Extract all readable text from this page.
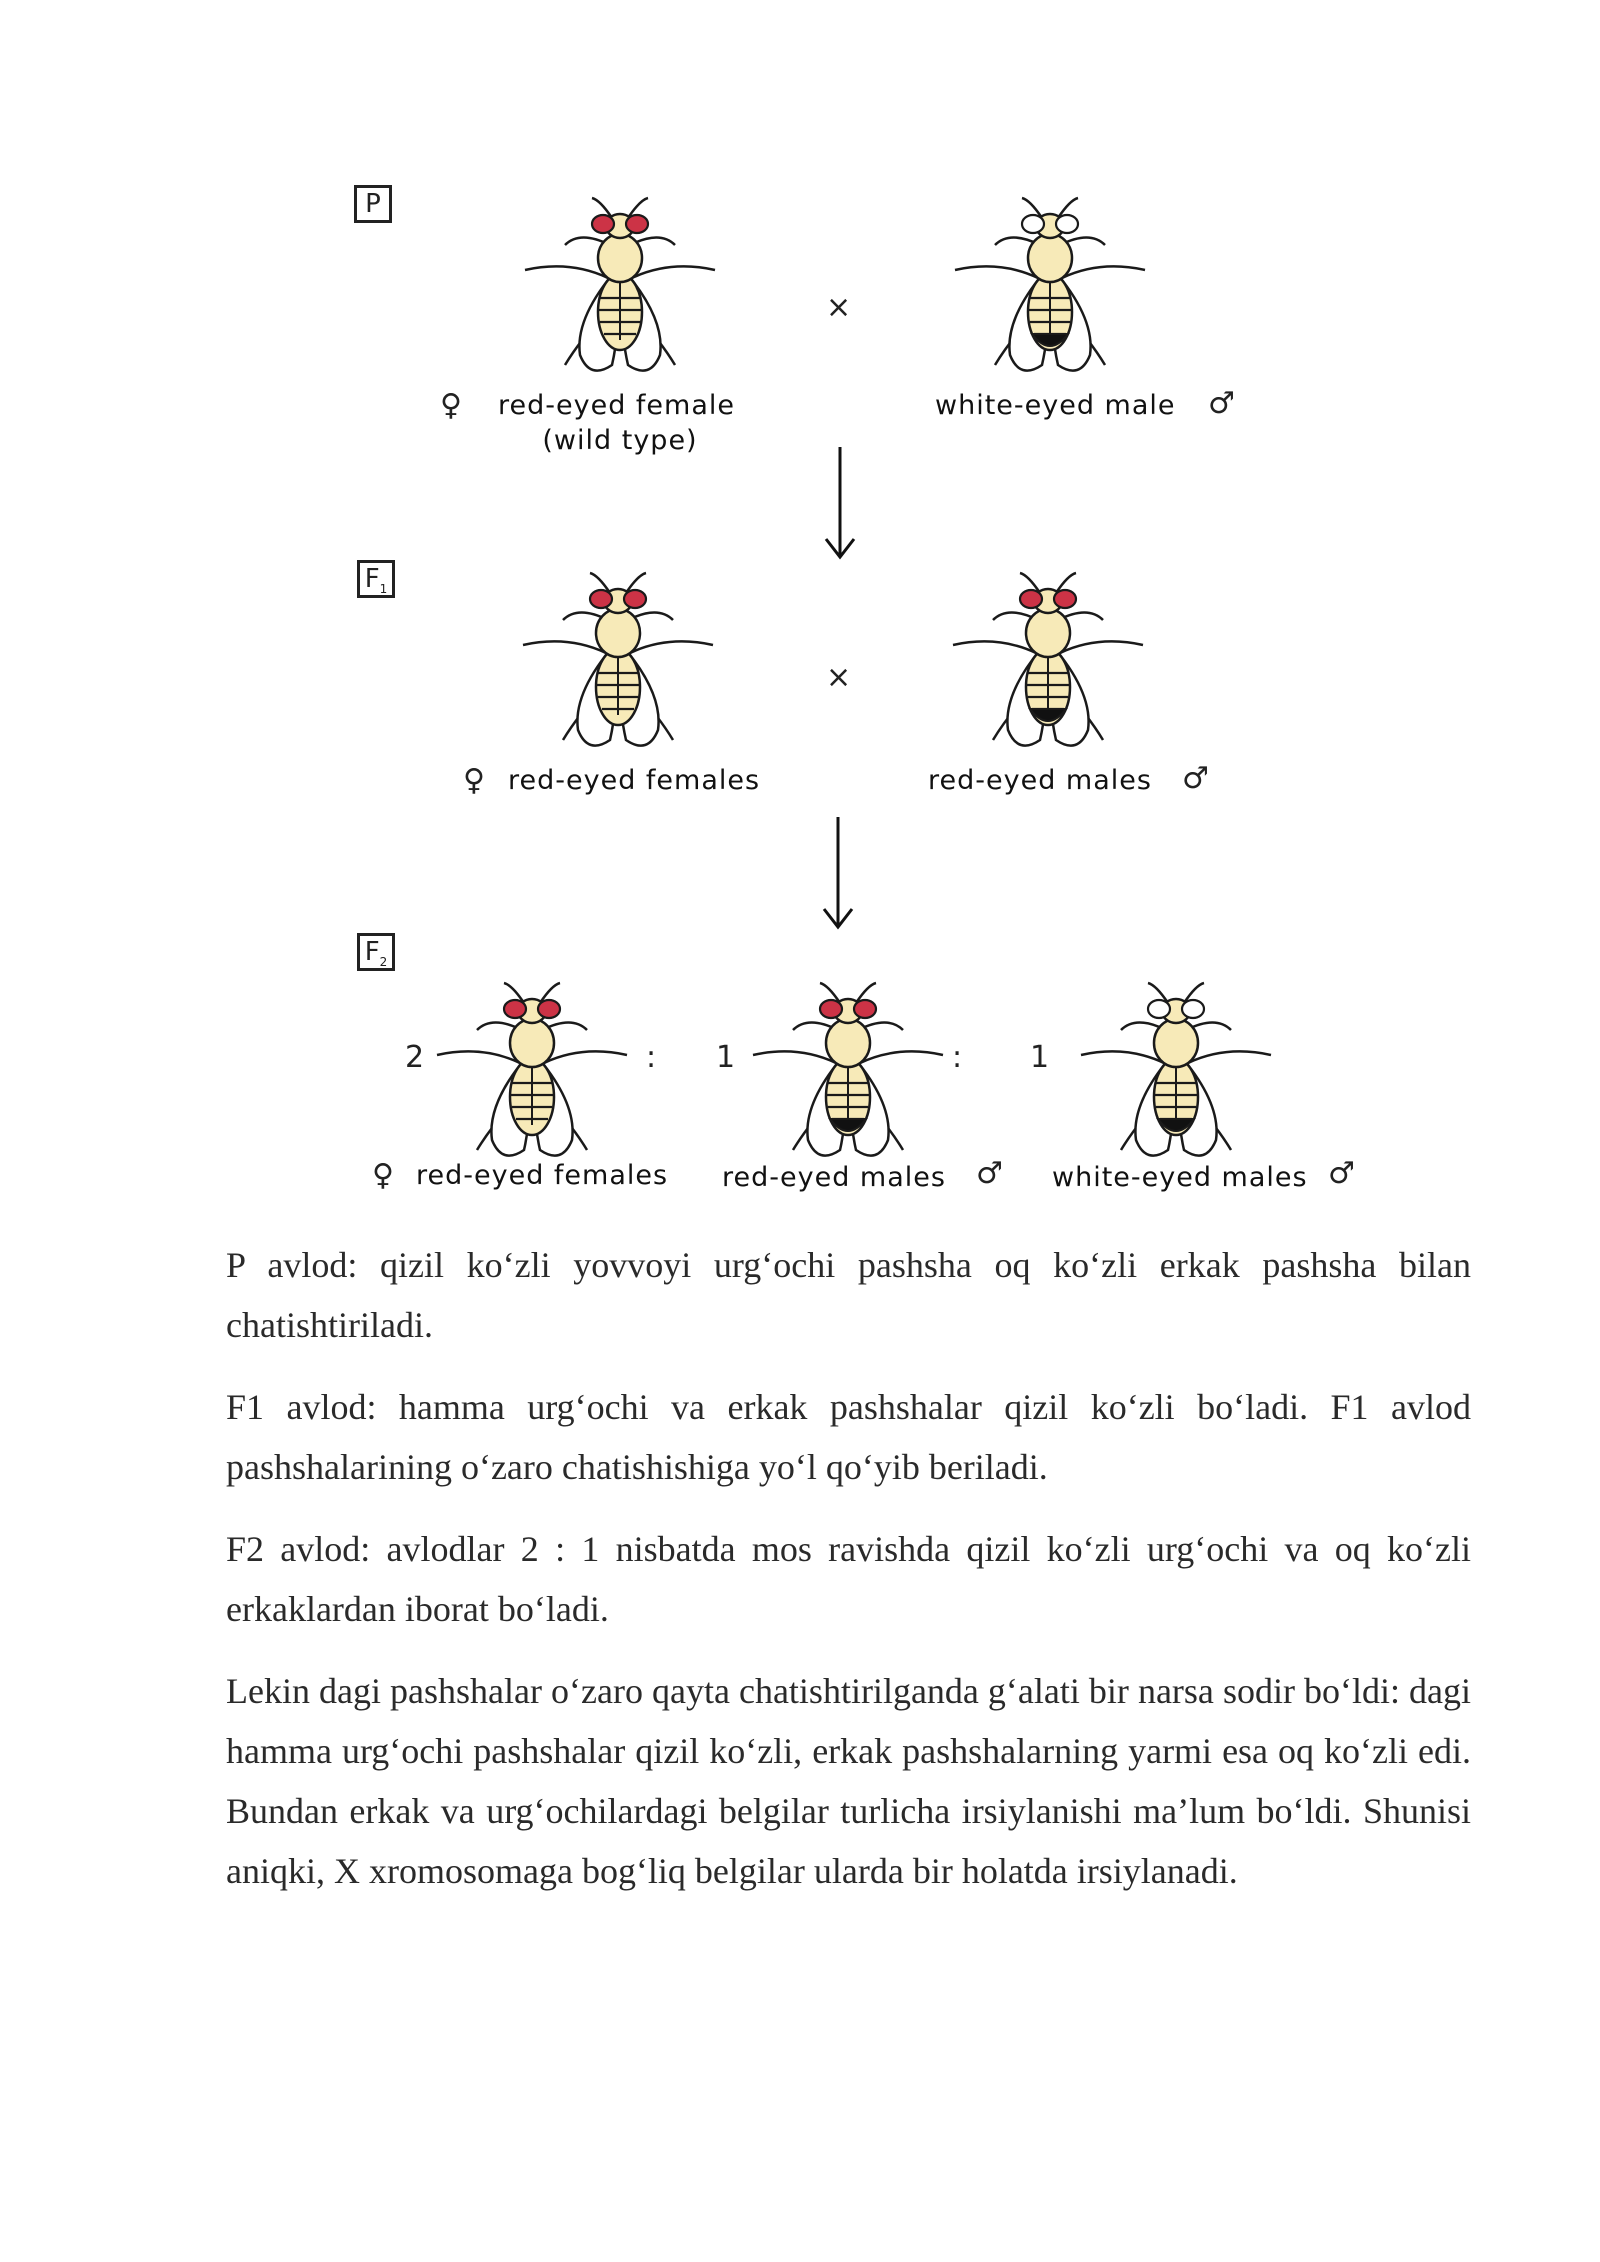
P
×
♀ red-eyed female
(wild type)
white-eyed male ♂
$F_1$
×
♀ red-eyed females	red-eyed males ♂
$F_2$
2	: 1	: 1
♀ red-eyed females red-eyed males ♂ white-eyed males ♂

P avlod: qizil ko‘zli yovvoyi urg‘ochi pashsha oq ko‘zli erkak pashsha bilan chatishtiriladi.

F1 avlod: hamma urg‘ochi va erkak pashshalar qizil ko‘zli bo‘ladi. F1 avlod pashshalarining o‘zaro chatishishiga yo‘l qo‘yib beriladi.

F2 avlod: avlodlar 2 : 1 nisbatda mos ravishda qizil ko‘zli urg‘ochi va oq ko‘zli erkaklardan iborat bo‘ladi.

Lekin dagi pashshalar o‘zaro qayta chatishtirilganda g‘alati bir narsa sodir bo‘ldi: dagi hamma urg‘ochi pashshalar qizil ko‘zli, erkak pashshalarning yarmi esa oq ko‘zli edi. Bundan erkak va urg‘ochilardagi belgilar turlicha irsiylanishi ma’lum bo‘ldi. Shunisi aniqki, X xromosomaga bog‘liq belgilar ularda bir holatda irsiylanadi.
